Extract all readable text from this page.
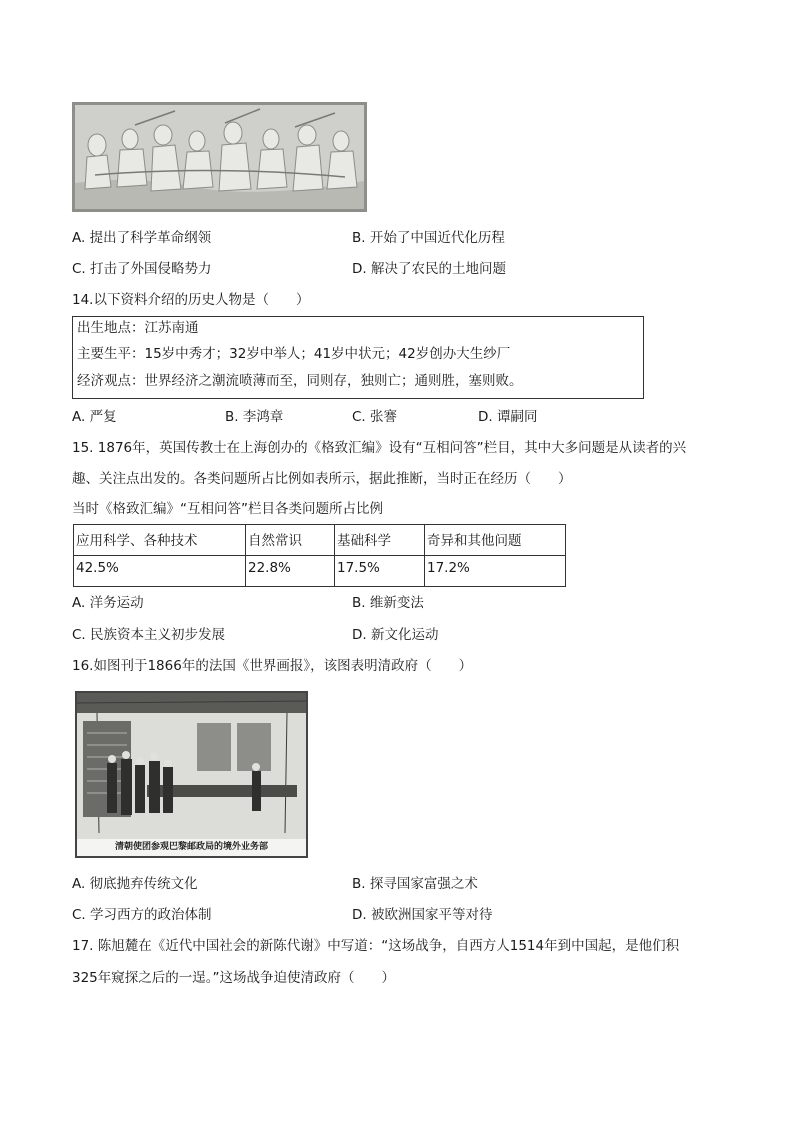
A. 提出了科学革命纲领	B. 开始了中国近代化历程
C. 打击了外国侵略势力	D. 解决了农民的土地问题
14.以下资料介绍的历史人物是（　　）
出生地点：江苏南通
主要生平：15岁中秀才；32岁中举人；41岁中状元；42岁创办大生纱厂
经济观点：世界经济之潮流喷薄而至，同则存，独则亡；通则胜，塞则败。
A. 严复	B. 李鸿章	C. 张謇	D. 谭嗣同
15. 1876年，英国传教士在上海创办的《格致汇编》设有“互相问答”栏目，其中大多问题是从读者的兴
趣、关注点出发的。各类问题所占比例如表所示，据此推断，当时正在经历（　　）
当时《格致汇编》“互相问答”栏目各类问题所占比例
应用科学、各种技术	自然常识	基础科学	奇异和其他问题
42.5%	22.8%	17.5%	17.2%
A. 洋务运动	B. 维新变法
C. 民族资本主义初步发展	D. 新文化运动
16.如图刊于1866年的法国《世界画报》，该图表明清政府（　　）
清朝使团参观巴黎邮政局的境外业务部
A. 彻底抛弃传统文化	B. 探寻国家富强之术
C. 学习西方的政治体制	D. 被欧洲国家平等对待
17. 陈旭麓在《近代中国社会的新陈代谢》中写道：“这场战争，自西方人1514年到中国起，是他们积
325年窥探之后的一逞。”这场战争迫使清政府（　　）
